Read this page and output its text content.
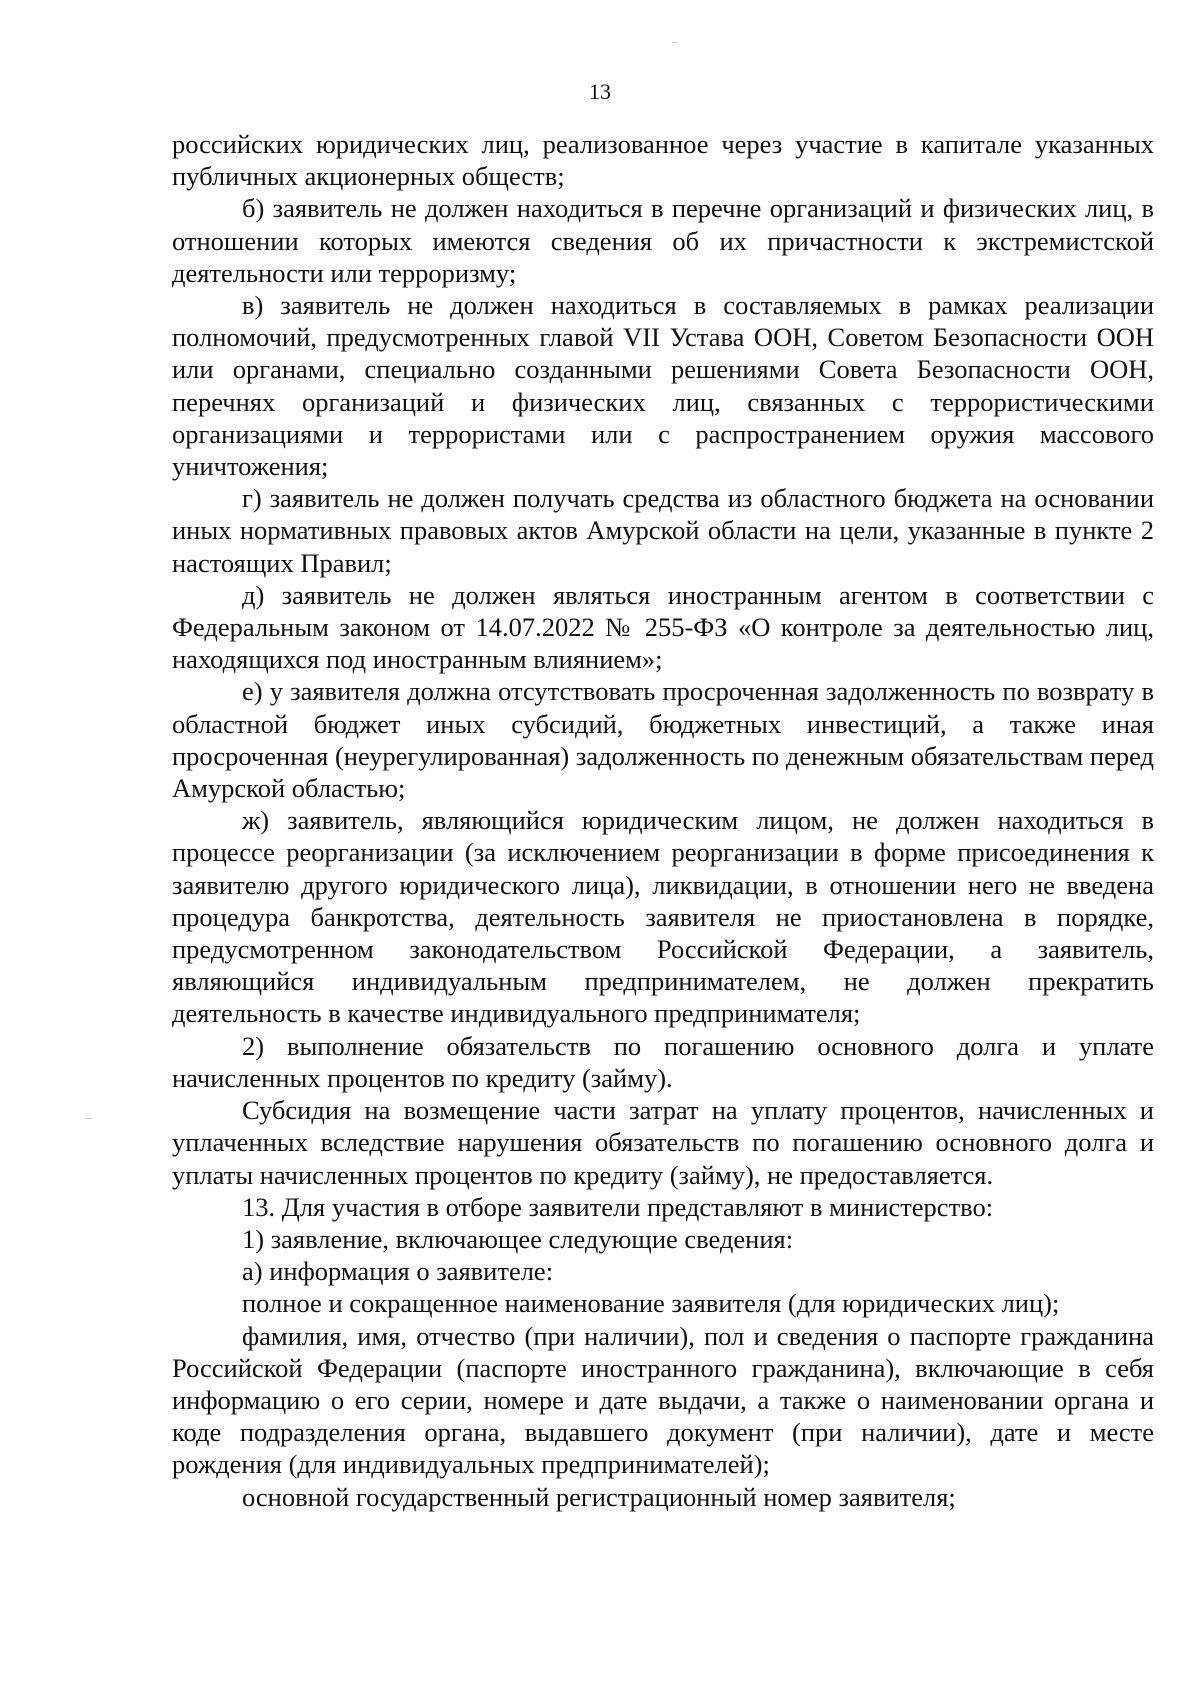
13

российских юридических лиц, реализованное через участие в капитале указанных публичных акционерных обществ;

б) заявитель не должен находиться в перечне организаций и физических лиц, в отношении которых имеются сведения об их причастности к экстремистской деятельности или терроризму;

в) заявитель не должен находиться в составляемых в рамках реализации полномочий, предусмотренных главой VII Устава ООН, Советом Безопасности ООН или органами, специально созданными решениями Совета Безопасности ООН, перечнях организаций и физических лиц, связанных с террористическими организациями и террористами или с распространением оружия массового уничтожения;

г) заявитель не должен получать средства из областного бюджета на основании иных нормативных правовых актов Амурской области на цели, указанные в пункте 2 настоящих Правил;

д) заявитель не должен являться иностранным агентом в соответствии с Федеральным законом от 14.07.2022 № 255-ФЗ «О контроле за деятельностью лиц, находящихся под иностранным влиянием»;

е) у заявителя должна отсутствовать просроченная задолженность по возврату в областной бюджет иных субсидий, бюджетных инвестиций, а также иная просроченная (неурегулированная) задолженность по денежным обязательствам перед Амурской областью;

ж) заявитель, являющийся юридическим лицом, не должен находиться в процессе реорганизации (за исключением реорганизации в форме присоединения к заявителю другого юридического лица), ликвидации, в отношении него не введена процедура банкротства, деятельность заявителя не приостановлена в порядке, предусмотренном законодательством Российской Федерации, а заявитель, являющийся индивидуальным предпринимателем, не должен прекратить деятельность в качестве индивидуального предпринимателя;

2) выполнение обязательств по погашению основного долга и уплате начисленных процентов по кредиту (займу).

Субсидия на возмещение части затрат на уплату процентов, начисленных и уплаченных вследствие нарушения обязательств по погашению основного долга и уплаты начисленных процентов по кредиту (займу), не предоставляется.

13. Для участия в отборе заявители представляют в министерство:

1) заявление, включающее следующие сведения:

а) информация о заявителе:

полное и сокращенное наименование заявителя (для юридических лиц);

фамилия, имя, отчество (при наличии), пол и сведения о паспорте гражданина Российской Федерации (паспорте иностранного гражданина), включающие в себя информацию о его серии, номере и дате выдачи, а также о наименовании органа и коде подразделения органа, выдавшего документ (при наличии), дате и месте рождения (для индивидуальных предпринимателей);

основной государственный регистрационный номер заявителя;
